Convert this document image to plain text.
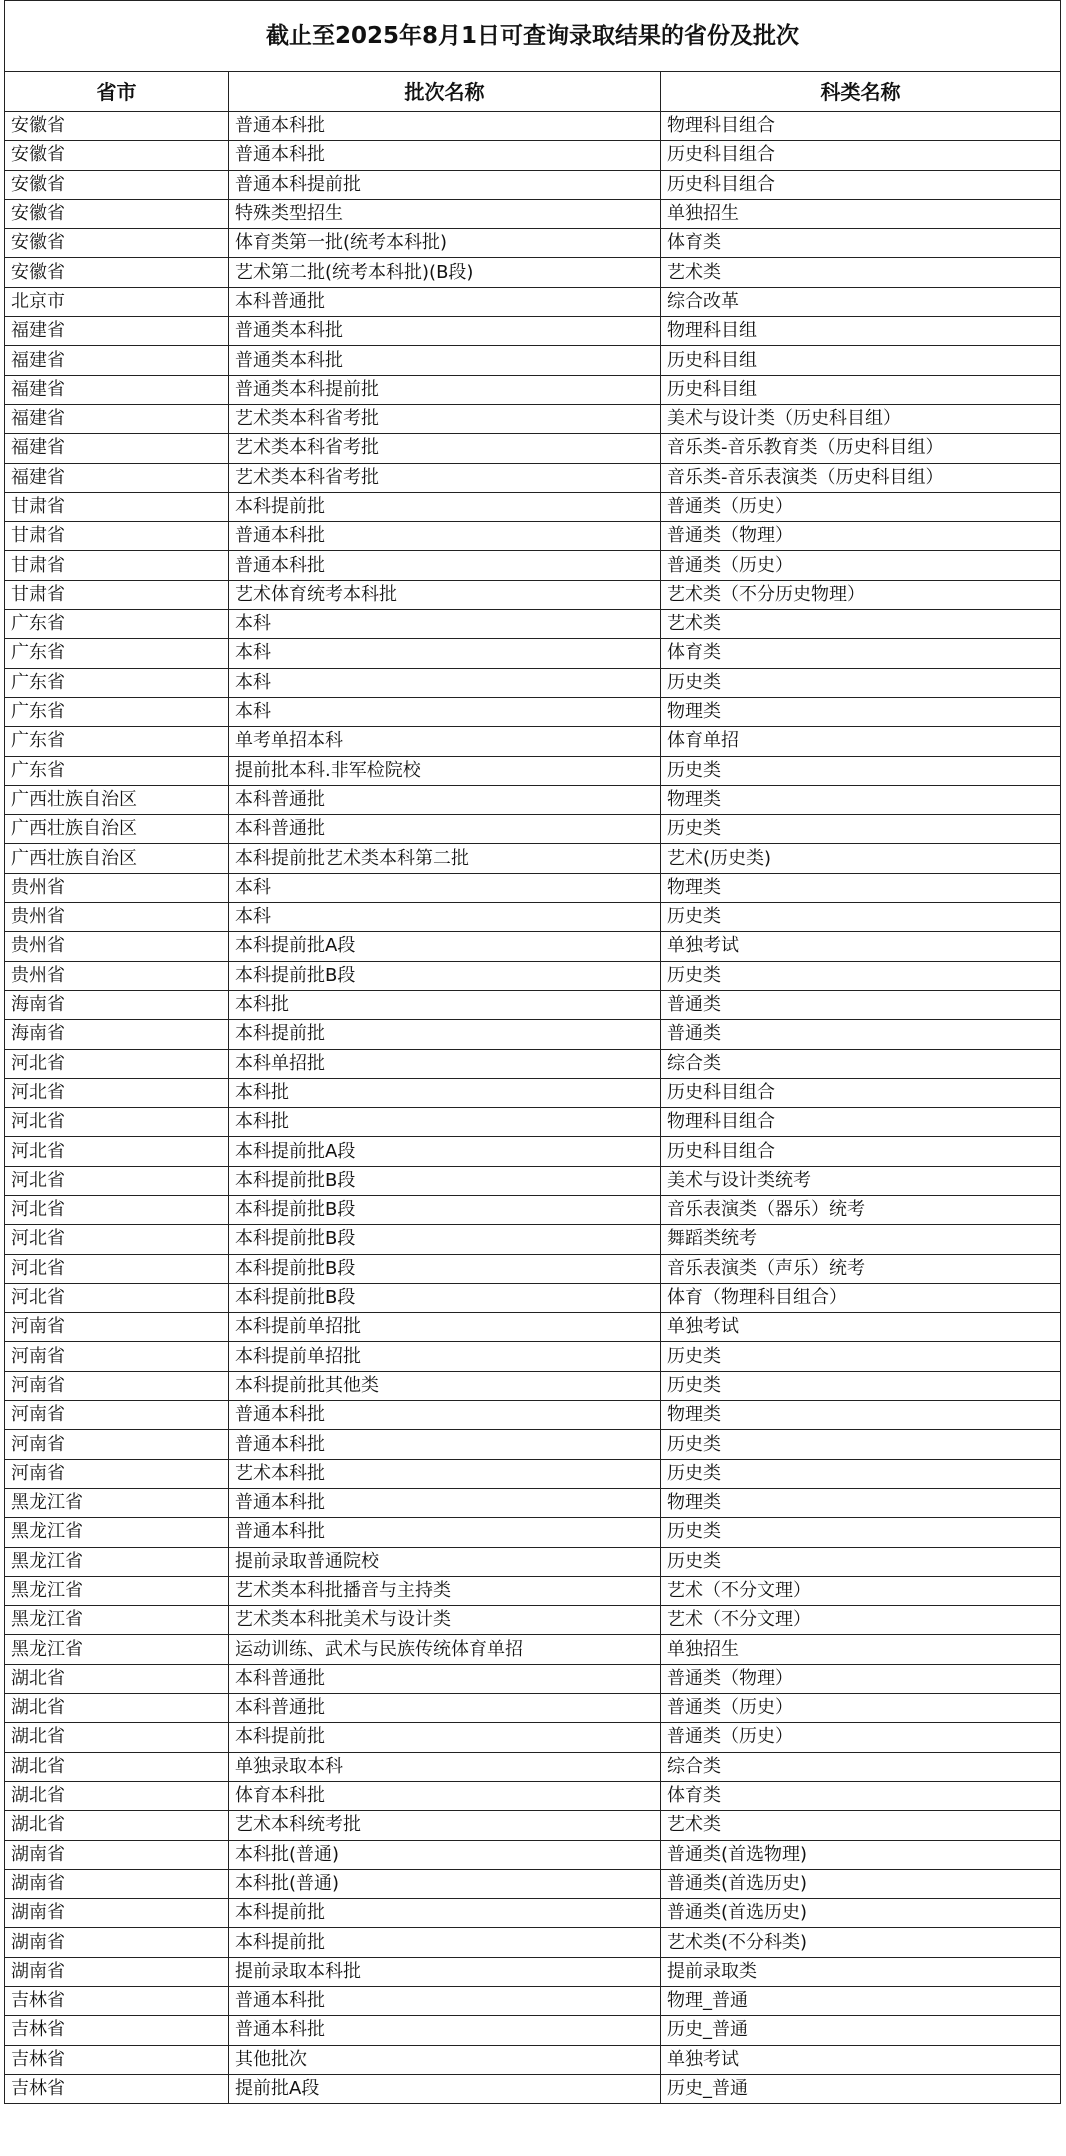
截止至2025年8月1日可查询录取结果的省份及批次		
省市	批次名称	科类名称
安徽省	普通本科批	物理科目组合
安徽省	普通本科批	历史科目组合
安徽省	普通本科提前批	历史科目组合
安徽省	特殊类型招生	单独招生
安徽省	体育类第一批(统考本科批)	体育类
安徽省	艺术第二批(统考本科批)(B段)	艺术类
北京市	本科普通批	综合改革
福建省	普通类本科批	物理科目组
福建省	普通类本科批	历史科目组
福建省	普通类本科提前批	历史科目组
福建省	艺术类本科省考批	美术与设计类（历史科目组）
福建省	艺术类本科省考批	音乐类-音乐教育类（历史科目组）
福建省	艺术类本科省考批	音乐类-音乐表演类（历史科目组）
甘肃省	本科提前批	普通类（历史）
甘肃省	普通本科批	普通类（物理）
甘肃省	普通本科批	普通类（历史）
甘肃省	艺术体育统考本科批	艺术类（不分历史物理）
广东省	本科	艺术类
广东省	本科	体育类
广东省	本科	历史类
广东省	本科	物理类
广东省	单考单招本科	体育单招
广东省	提前批本科.非军检院校	历史类
广西壮族自治区	本科普通批	物理类
广西壮族自治区	本科普通批	历史类
广西壮族自治区	本科提前批艺术类本科第二批	艺术(历史类)
贵州省	本科	物理类
贵州省	本科	历史类
贵州省	本科提前批A段	单独考试
贵州省	本科提前批B段	历史类
海南省	本科批	普通类
海南省	本科提前批	普通类
河北省	本科单招批	综合类
河北省	本科批	历史科目组合
河北省	本科批	物理科目组合
河北省	本科提前批A段	历史科目组合
河北省	本科提前批B段	美术与设计类统考
河北省	本科提前批B段	音乐表演类（器乐）统考
河北省	本科提前批B段	舞蹈类统考
河北省	本科提前批B段	音乐表演类（声乐）统考
河北省	本科提前批B段	体育（物理科目组合）
河南省	本科提前单招批	单独考试
河南省	本科提前单招批	历史类
河南省	本科提前批其他类	历史类
河南省	普通本科批	物理类
河南省	普通本科批	历史类
河南省	艺术本科批	历史类
黑龙江省	普通本科批	物理类
黑龙江省	普通本科批	历史类
黑龙江省	提前录取普通院校	历史类
黑龙江省	艺术类本科批播音与主持类	艺术（不分文理）
黑龙江省	艺术类本科批美术与设计类	艺术（不分文理）
黑龙江省	运动训练、武术与民族传统体育单招	单独招生
湖北省	本科普通批	普通类（物理）
湖北省	本科普通批	普通类（历史）
湖北省	本科提前批	普通类（历史）
湖北省	单独录取本科	综合类
湖北省	体育本科批	体育类
湖北省	艺术本科统考批	艺术类
湖南省	本科批(普通)	普通类(首选物理)
湖南省	本科批(普通)	普通类(首选历史)
湖南省	本科提前批	普通类(首选历史)
湖南省	本科提前批	艺术类(不分科类)
湖南省	提前录取本科批	提前录取类
吉林省	普通本科批	物理_普通
吉林省	普通本科批	历史_普通
吉林省	其他批次	单独考试
吉林省	提前批A段	历史_普通
